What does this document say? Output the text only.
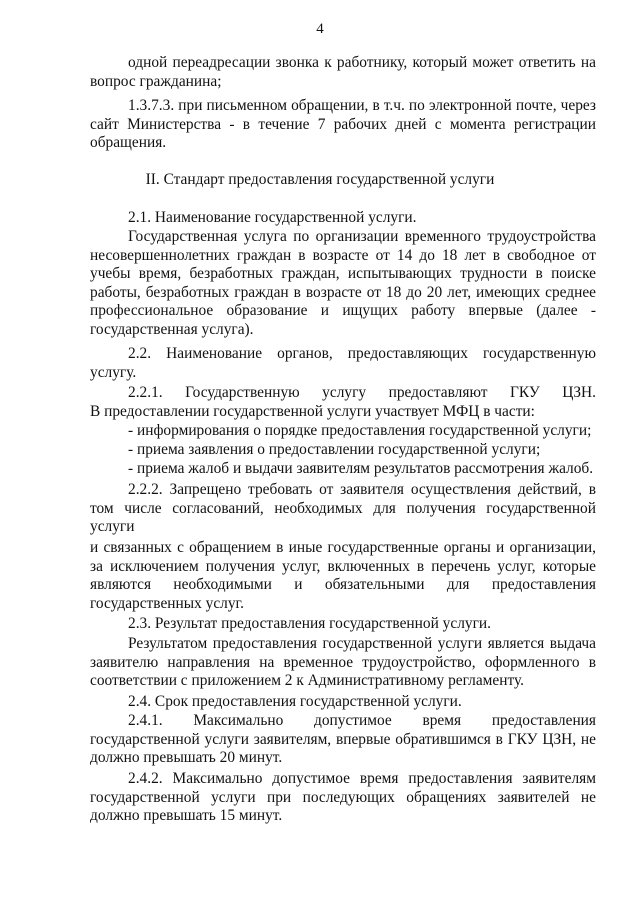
4

одной переадресации звонка к работнику, который может ответить на вопрос гражданина;

1.3.7.3. при письменном обращении, в т.ч. по электронной почте, через сайт Министерства - в течение 7 рабочих дней с момента регистрации обращения.

II. Стандарт предоставления государственной услуги

2.1. Наименование государственной услуги.

Государственная услуга по организации временного трудоустройства несовершеннолетних граждан в возрасте от 14 до 18 лет в свободное от учебы время, безработных граждан, испытывающих трудности в поиске работы, безработных граждан в возрасте от 18 до 20 лет, имеющих среднее профессиональное образование и ищущих работу впервые (далее - государственная услуга).

2.2. Наименование органов, предоставляющих государственную услугу.

2.2.1. Государственную услугу предоставляют ГКУ ЦЗН.

В предоставлении государственной услуги участвует МФЦ в части:

- информирования о порядке предоставления государственной услуги;

- приема заявления о предоставлении государственной услуги;

- приема жалоб и выдачи заявителям результатов рассмотрения жалоб.

2.2.2. Запрещено требовать от заявителя осуществления действий, в том числе согласований, необходимых для получения государственной услуги

и связанных с обращением в иные государственные органы и организации, за исключением получения услуг, включенных в перечень услуг, которые являются необходимыми и обязательными для предоставления государственных услуг.

2.3. Результат предоставления государственной услуги.

Результатом предоставления государственной услуги является выдача заявителю направления на временное трудоустройство, оформленного в соответствии с приложением 2 к Административному регламенту.

2.4. Срок предоставления государственной услуги.

2.4.1. Максимально допустимое время предоставления государственной услуги заявителям, впервые обратившимся в ГКУ ЦЗН, не должно превышать 20 минут.

2.4.2. Максимально допустимое время предоставления заявителям государственной услуги при последующих обращениях заявителей не должно превышать 15 минут.
